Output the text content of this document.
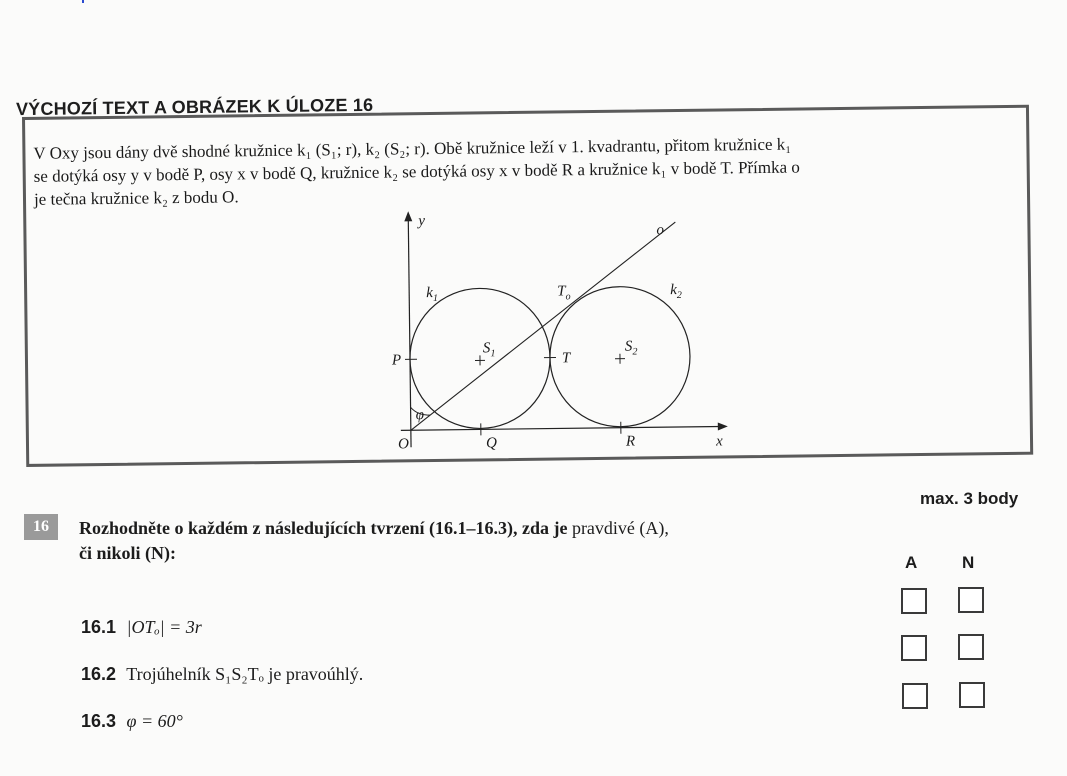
VÝCHOZÍ TEXT A OBRÁZEK K ÚLOZE 16
V Oxy jsou dány dvě shodné kružnice k₁ (S₁; r), k₂ (S₂; r). Obě kružnice leží v 1. kvadrantu, přitom kružnice k₁
se dotýká osy y v bodě P, osy x v bodě Q, kružnice k₂ se dotýká osy x v bodě R a kružnice k₁ v bodě T. Přímka o
je tečna kružnice k₂ z bodu O.
y
x
o
$k_1$
$k_2$
$T_o$
P
$S_1$	T
$S_2$
φ
O	Q	R
16	Rozhodněte o každém z následujících tvrzení (16.1–16.3), zda je pravdivé (A),
či nikoli (N):
max. 3 body
A	N
16.1 |OTₒ| = 3r
16.2 Trojúhelník S₁S₂Tₒ je pravoúhlý.
16.3 φ = 60°
